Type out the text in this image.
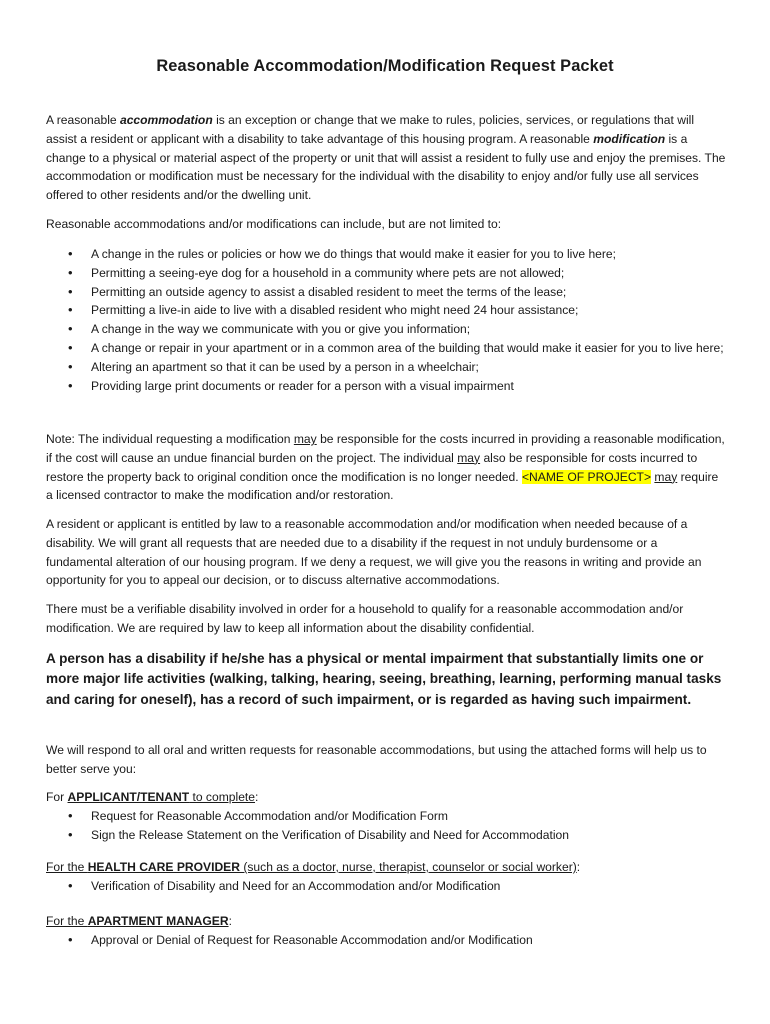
Reasonable Accommodation/Modification Request Packet

A reasonable accommodation is an exception or change that we make to rules, policies, services, or regulations that will assist a resident or applicant with a disability to take advantage of this housing program. A reasonable modification is a change to a physical or material aspect of the property or unit that will assist a resident to fully use and enjoy the premises. The accommodation or modification must be necessary for the individual with the disability to enjoy and/or fully use all services offered to other residents and/or the dwelling unit.

Reasonable accommodations and/or modifications can include, but are not limited to:
• A change in the rules or policies or how we do things that would make it easier for you to live here;
• Permitting a seeing-eye dog for a household in a community where pets are not allowed;
• Permitting an outside agency to assist a disabled resident to meet the terms of the lease;
• Permitting a live-in aide to live with a disabled resident who might need 24 hour assistance;
• A change in the way we communicate with you or give you information;
• A change or repair in your apartment or in a common area of the building that would make it easier for you to live here;
• Altering an apartment so that it can be used by a person in a wheelchair;
• Providing large print documents or reader for a person with a visual impairment

Note: The individual requesting a modification may be responsible for the costs incurred in providing a reasonable modification, if the cost will cause an undue financial burden on the project. The individual may also be responsible for costs incurred to restore the property back to original condition once the modification is no longer needed. <NAME OF PROJECT> may require a licensed contractor to make the modification and/or restoration.

A resident or applicant is entitled by law to a reasonable accommodation and/or modification when needed because of a disability. We will grant all requests that are needed due to a disability if the request in not unduly burdensome or a fundamental alteration of our housing program. If we deny a request, we will give you the reasons in writing and provide an opportunity for you to appeal our decision, or to discuss alternative accommodations.
There must be a verifiable disability involved in order for a household to qualify for a reasonable accommodation and/or modification. We are required by law to keep all information about the disability confidential.
A person has a disability if he/she has a physical or mental impairment that substantially limits one or more major life activities (walking, talking, hearing, seeing, breathing, learning, performing manual tasks and caring for oneself), has a record of such impairment, or is regarded as having such impairment.
We will respond to all oral and written requests for reasonable accommodations, but using the attached forms will help us to better serve you:

For APPLICANT/TENANT to complete:

• Request for Reasonable Accommodation and/or Modification Form
• Sign the Release Statement on the Verification of Disability and Need for Accommodation

For the HEALTH CARE PROVIDER (such as a doctor, nurse, therapist, counselor or social worker):

• Verification of Disability and Need for an Accommodation and/or Modification

For the APARTMENT MANAGER:

• Approval or Denial of Request for Reasonable Accommodation and/or Modification
